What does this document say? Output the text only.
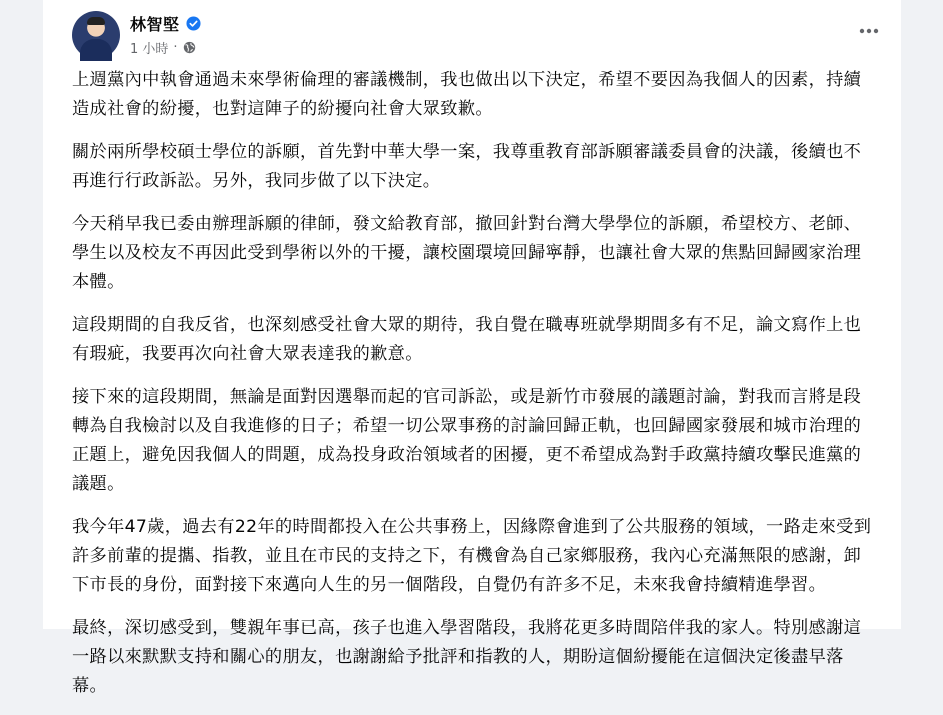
林智堅
1 小時 ·

上週黨內中執會通過未來學術倫理的審議機制，我也做出以下決定，希望不要因為我個人的因素，持續造成社會的紛擾，也對這陣子的紛擾向社會大眾致歉。

關於兩所學校碩士學位的訴願，首先對中華大學一案，我尊重教育部訴願審議委員會的決議，後續也不再進行行政訴訟。另外，我同步做了以下決定。

今天稍早我已委由辦理訴願的律師，發文給教育部，撤回針對台灣大學學位的訴願，希望校方、老師、學生以及校友不再因此受到學術以外的干擾，讓校園環境回歸寧靜，也讓社會大眾的焦點回歸國家治理本體。

這段期間的自我反省，也深刻感受社會大眾的期待，我自覺在職專班就學期間多有不足，論文寫作上也有瑕疵，我要再次向社會大眾表達我的歉意。

接下來的這段期間，無論是面對因選舉而起的官司訴訟，或是新竹市發展的議題討論，對我而言將是段轉為自我檢討以及自我進修的日子；希望一切公眾事務的討論回歸正軌，也回歸國家發展和城市治理的正題上，避免因我個人的問題，成為投身政治領域者的困擾，更不希望成為對手政黨持續攻擊民進黨的議題。

我今年47歲，過去有22年的時間都投入在公共事務上，因緣際會進到了公共服務的領域，一路走來受到許多前輩的提攜、指教，並且在市民的支持之下，有機會為自己家鄉服務，我內心充滿無限的感謝，卸下市長的身份，面對接下來邁向人生的另一個階段，自覺仍有許多不足，未來我會持續精進學習。

最終，深切感受到，雙親年事已高，孩子也進入學習階段，我將花更多時間陪伴我的家人。特別感謝這一路以來默默支持和關心的朋友，也謝謝給予批評和指教的人，期盼這個紛擾能在這個決定後盡早落幕。
